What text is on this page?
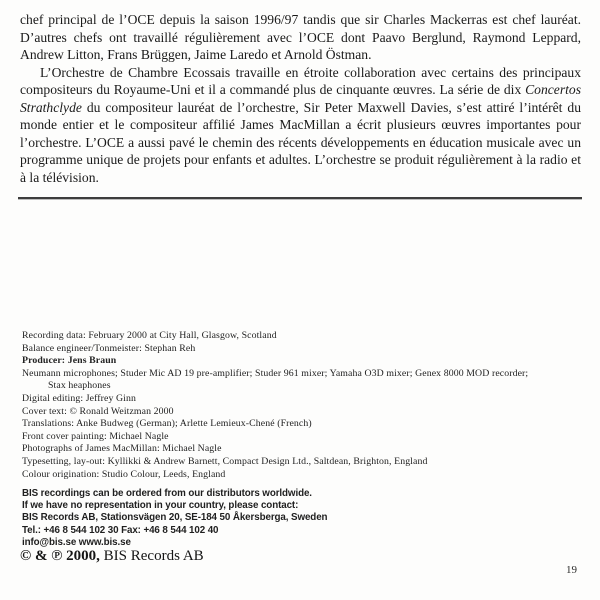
chef principal de l’OCE depuis la saison 1996/97 tandis que sir Charles Mackerras est chef lauréat. D’autres chefs ont travaillé régulièrement avec l’OCE dont Paavo Berglund, Raymond Leppard, Andrew Litton, Frans Brüggen, Jaime Laredo et Arnold Östman.

L’Orchestre de Chambre Ecossais travaille en étroite collaboration avec certains des principaux compositeurs du Royaume-Uni et il a commandé plus de cinquante œuvres. La série de dix Concertos Strathclyde du compositeur lauréat de l’orchestre, Sir Peter Maxwell Davies, s’est attiré l’intérêt du monde entier et le compositeur affilié James MacMillan a écrit plusieurs œuvres importantes pour l’orchestre. L’OCE a aussi pavé le chemin des récents développements en éducation musicale avec un programme unique de projets pour enfants et adultes. L’orchestre se produit régulièrement à la radio et à la télévision.

Recording data: February 2000 at City Hall, Glasgow, Scotland
Balance engineer/Tonmeister: Stephan Reh
Producer: Jens Braun
Neumann microphones; Studer Mic AD 19 pre-amplifier; Studer 961 mixer; Yamaha O3D mixer; Genex 8000 MOD recorder;
Stax heaphones
Digital editing: Jeffrey Ginn
Cover text: © Ronald Weitzman 2000
Translations: Anke Budweg (German); Arlette Lemieux-Chené (French)
Front cover painting: Michael Nagle
Photographs of James MacMillan: Michael Nagle
Typesetting, lay-out: Kyllikki & Andrew Barnett, Compact Design Ltd., Saltdean, Brighton, England
Colour origination: Studio Colour, Leeds, England
BIS recordings can be ordered from our distributors worldwide.
If we have no representation in your country, please contact:
BIS Records AB, Stationsvägen 20, SE-184 50 Åkersberga, Sweden
Tel.: +46 8 544 102 30 Fax: +46 8 544 102 40
info@bis.se www.bis.se
© & ℗ 2000, BIS Records AB
19
